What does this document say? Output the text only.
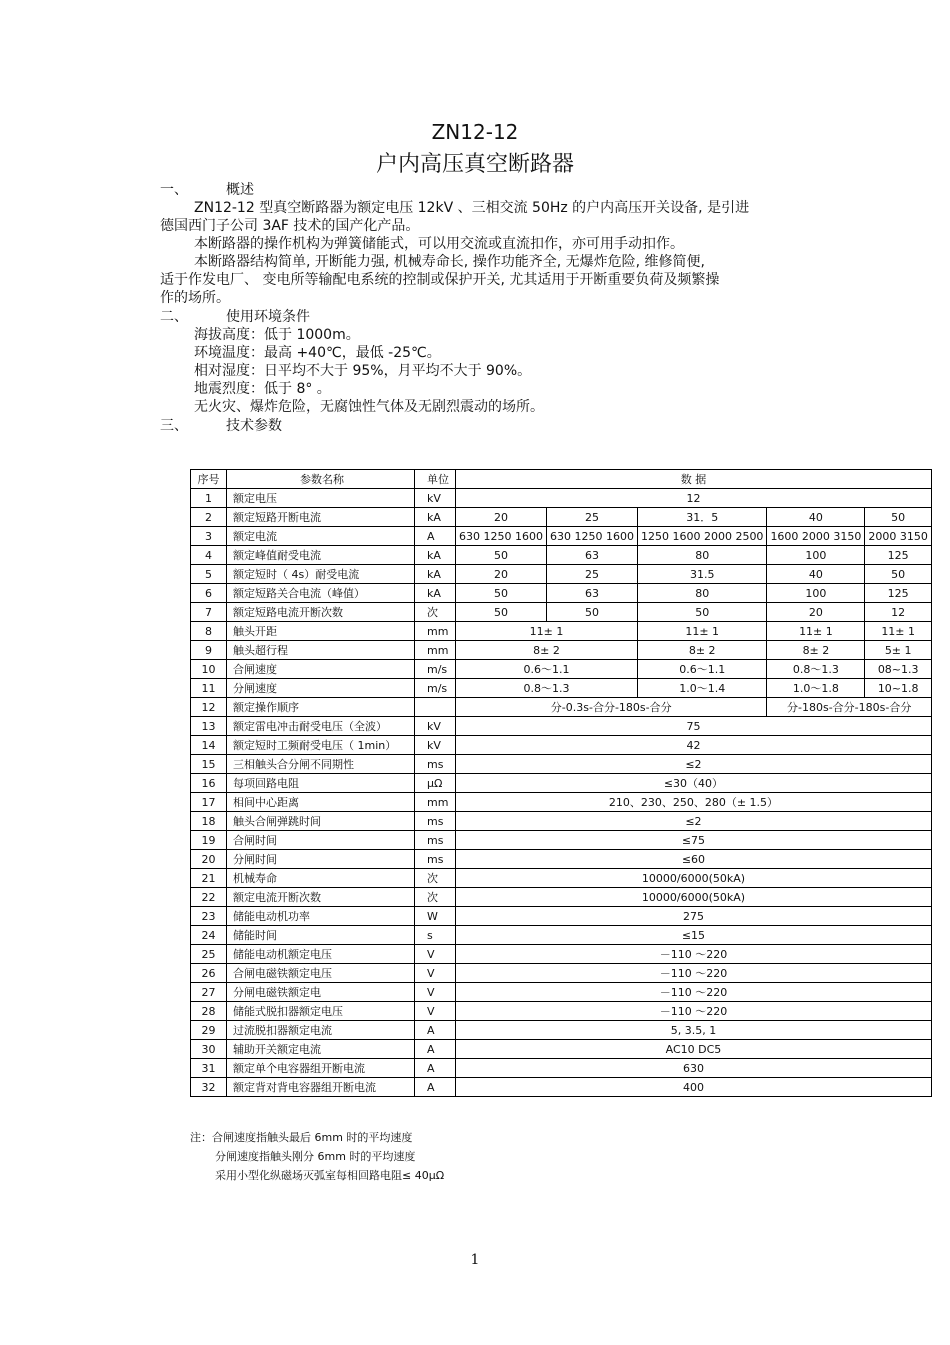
ZN12-12
户内高压真空断路器
一、	概述
ZN12-12 型真空断路器为额定电压 12kV 、三相交流 50Hz 的户内高压开关设备, 是引进
德国西门子公司 3AF 技术的国产化产品。
本断路器的操作机构为弹簧储能式，可以用交流或直流扣作，亦可用手动扣作。
本断路器结构简单, 开断能力强, 机械寿命长, 操作功能齐全, 无爆炸危险, 维修简便,
适于作发电厂、 变电所等输配电系统的控制或保护开关, 尤其适用于开断重要负荷及频繁操
作的场所。
二、	使用环境条件
海拔高度：低于 1000m。
环境温度：最高 +40℃，最低 -25℃。
相对湿度：日平均不大于 95%，月平均不大于 90%。
地震烈度：低于 8° 。
无火灾、爆炸危险，无腐蚀性气体及无剧烈震动的场所。
三、	技术参数
序号	参数名称	单位	数 据				
1	额定电压	kV	12				
2	额定短路开断电流	kA	20	25	31．5	40	50
3	额定电流	A	630 1250 1600	630 1250 1600	1250 1600 2000 2500	1600 2000 3150	2000 3150
4	额定峰值耐受电流	kA	50	63	80	100	125
5	额定短时（ 4s）耐受电流	kA	20	25	31.5	40	50
6	额定短路关合电流（峰值）	kA	50	63	80	100	125
7	额定短路电流开断次数	次	50	50	50	20	12
8	触头开距	mm	11± 1		11± 1	11± 1	11± 1
9	触头超行程	mm	8± 2		8± 2	8± 2	5± 1
10	合闸速度	m/s	0.6～1.1		0.6～1.1	0.8～1.3	08~1.3
11	分闸速度	m/s	0.8～1.3		1.0～1.4	1.0～1.8	10~1.8
12	额定操作顺序		分-0.3s-合分-180s-合分			分-180s-合分-180s-合分	
13	额定雷电冲击耐受电压（全波）	kV	75				
14	额定短时工频耐受电压（ 1min）	kV	42				
15	三相触头合分闸不同期性	ms	≤2				
16	每项回路电阻	μΩ	≤30（40）				
17	相间中心距离	mm	210、230、250、280（± 1.5）				
18	触头合闸弹跳时间	ms	≤2				
19	合闸时间	ms	≤75				
20	分闸时间	ms	≤60				
21	机械寿命	次	10000/6000(50kA)				
22	额定电流开断次数	次	10000/6000(50kA)				
23	储能电动机功率	W	275				
24	储能时间	s	≤15				
25	储能电动机额定电压	V	－110 ～220				
26	合闸电磁铁额定电压	V	－110 ～220				
27	分闸电磁铁额定电	V	－110 ～220				
28	储能式脱扣器额定电压	V	－110 ～220				
29	过流脱扣器额定电流	A	5, 3.5, 1				
30	辅助开关额定电流	A	AC10 DC5				
31	额定单个电容器组开断电流	A	630				
32	额定背对背电容器组开断电流	A	400				
注：合闸速度指触头最后 6mm 时的平均速度
分闸速度指触头刚分 6mm 时的平均速度
采用小型化纵磁场灭弧室每相回路电阻≤ 40μΩ
1
